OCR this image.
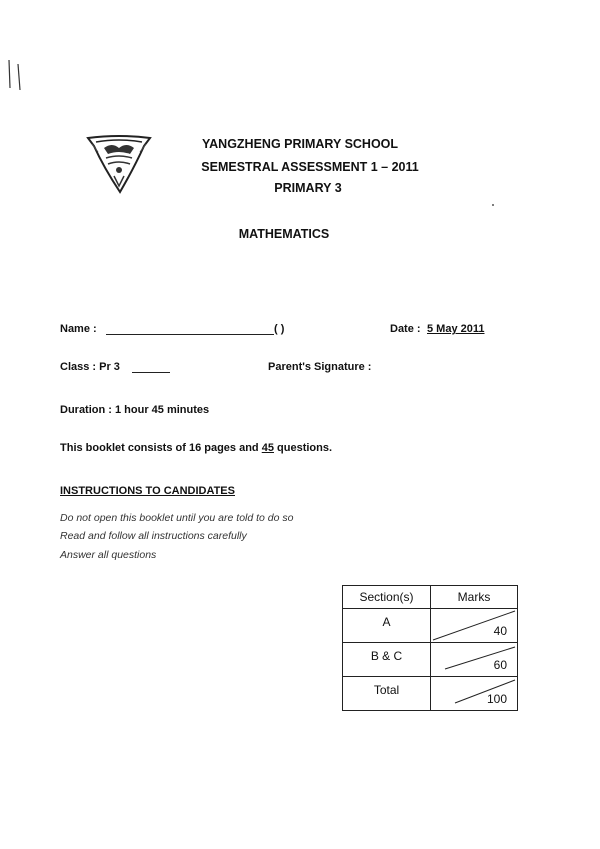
YANGZHENG PRIMARY SCHOOL
SEMESTRAL ASSESSMENT 1 – 2011
PRIMARY 3
MATHEMATICS
Name :	( )	Date : 5 May 2011
Class : Pr 3	Parent's Signature :
Duration : 1 hour 45 minutes
This booklet consists of 16 pages and 45 questions.
INSTRUCTIONS TO CANDIDATES
Do not open this booklet until you are told to do so
Read and follow all instructions carefully
Answer all questions
Section(s)	Marks

A	40

B & C	60

Total	100
